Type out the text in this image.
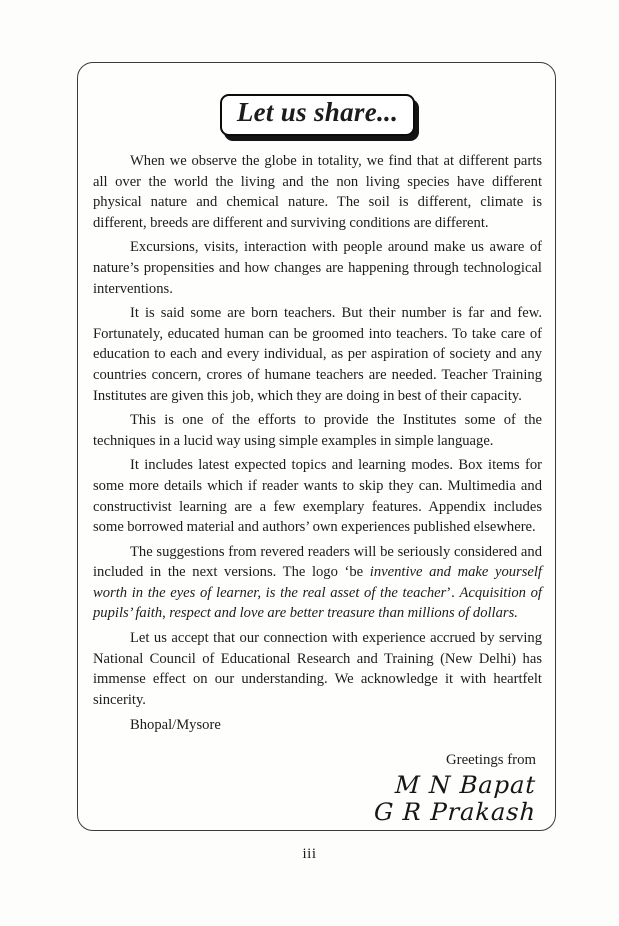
Let us share...

When we observe the globe in totality, we find that at different parts all over the world the living and the non living species have different physical nature and chemical nature. The soil is different, climate is different, breeds are different and surviving conditions are different.

Excursions, visits, interaction with people around make us aware of nature’s propensities and how changes are happening through technological interventions.

It is said some are born teachers. But their number is far and few. Fortunately, educated human can be groomed into teachers. To take care of education to each and every individual, as per aspiration of society and any countries concern, crores of humane teachers are needed. Teacher Training Institutes are given this job, which they are doing in best of their capacity.

This is one of the efforts to provide the Institutes some of the techniques in a lucid way using simple examples in simple language.

It includes latest expected topics and learning modes. Box items for some more details which if reader wants to skip they can. Multimedia and constructivist learning are a few exemplary features. Appendix includes some borrowed material and authors’ own experiences published elsewhere.

The suggestions from revered readers will be seriously considered and included in the next versions. The logo ‘be inventive and make yourself worth in the eyes of learner, is the real asset of the teacher’. Acquisition of pupils’ faith, respect and love are better treasure than millions of dollars.

Let us accept that our connection with experience accrued by serving National Council of Educational Research and Training (New Delhi) has immense effect on our understanding. We acknowledge it with heartfelt sincerity.

Bhopal/Mysore

Greetings from
M N Bapat
G R Prakash
iii
